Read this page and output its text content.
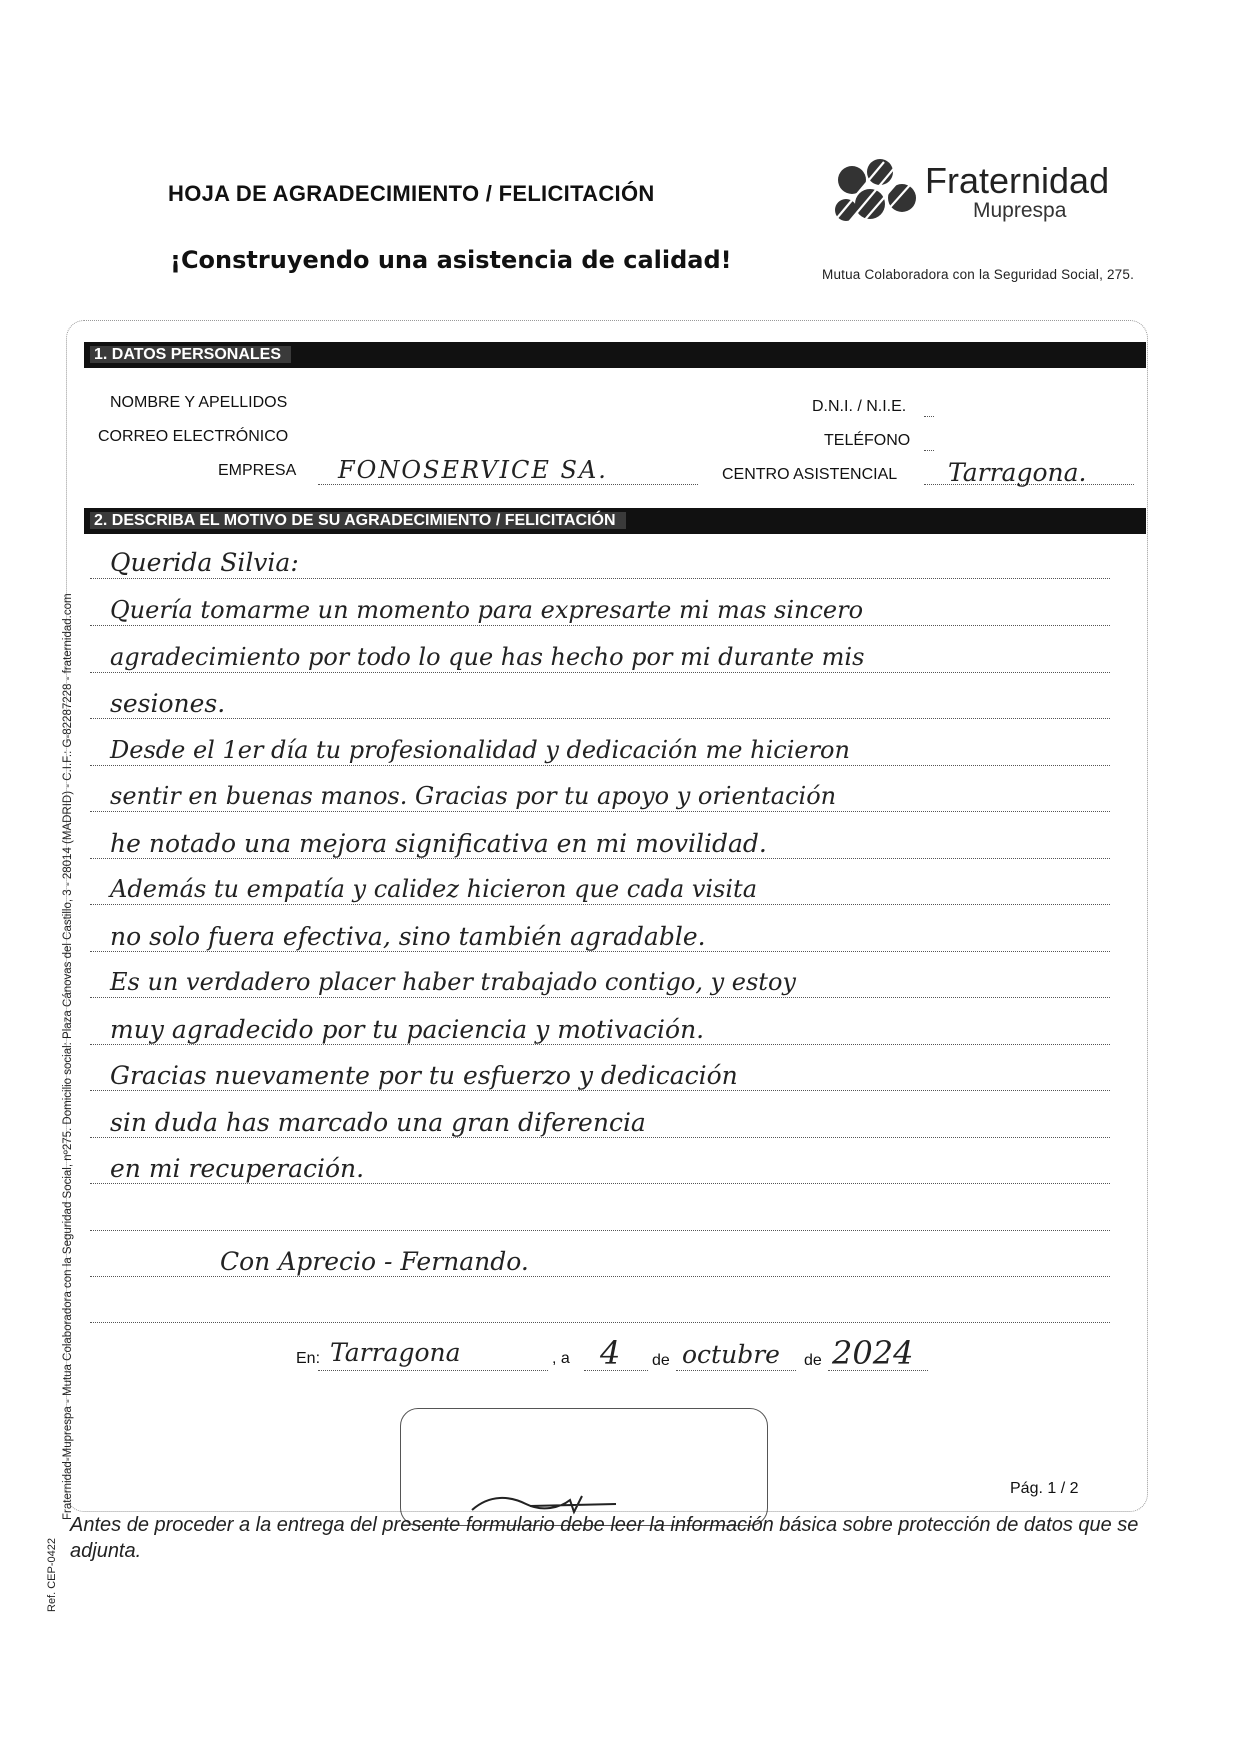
HOJA DE AGRADECIMIENTO / FELICITACIÓN
¡Construyendo una asistencia de calidad!
Fraternidad
Muprespa
Mutua Colaboradora con la Seguridad Social, 275.
1. DATOS PERSONALES
NOMBRE Y APELLIDOS	D.N.I. / N.I.E.
CORREO ELECTRÓNICO	TELÉFONO
EMPRESA FONOSERVICE SA.	CENTRO ASISTENCIAL Tarragona.
2. DESCRIBA EL MOTIVO DE SU AGRADECIMIENTO / FELICITACIÓN
Querida Silvia:
Quería tomarme un momento para expresarte mi mas sincero
agradecimiento por todo lo que has hecho por mi durante mis
sesiones.
Desde el 1er día tu profesionalidad y dedicación me hicieron
sentir en buenas manos. Gracias por tu apoyo y orientación
he notado una mejora significativa en mi movilidad.
Además tu empatía y calidez hicieron que cada visita
no solo fuera efectiva, sino también agradable.
Es un verdadero placer haber trabajado contigo, y estoy
muy agradecido por tu paciencia y motivación.
Gracias nuevamente por tu esfuerzo y dedicación
sin duda has marcado una gran diferencia
en mi recuperación.
Con Aprecio - Fernando.
En: Tarragona	, a 4 de octubre de 2024
Pág. 1 / 2
Antes de proceder a la entrega del presente formulario debe leer la información básica sobre protección de datos que se adjunta.
Fraternidad-Muprespa - Mutua Colaboradora con la Seguridad Social, nº275. Domicilio social: Plaza Cánovas del Castillo, 3 - 28014 (MADRID) - C.I.F.: G-82287228 - fraternidad.com
Ref. CEP-0422
